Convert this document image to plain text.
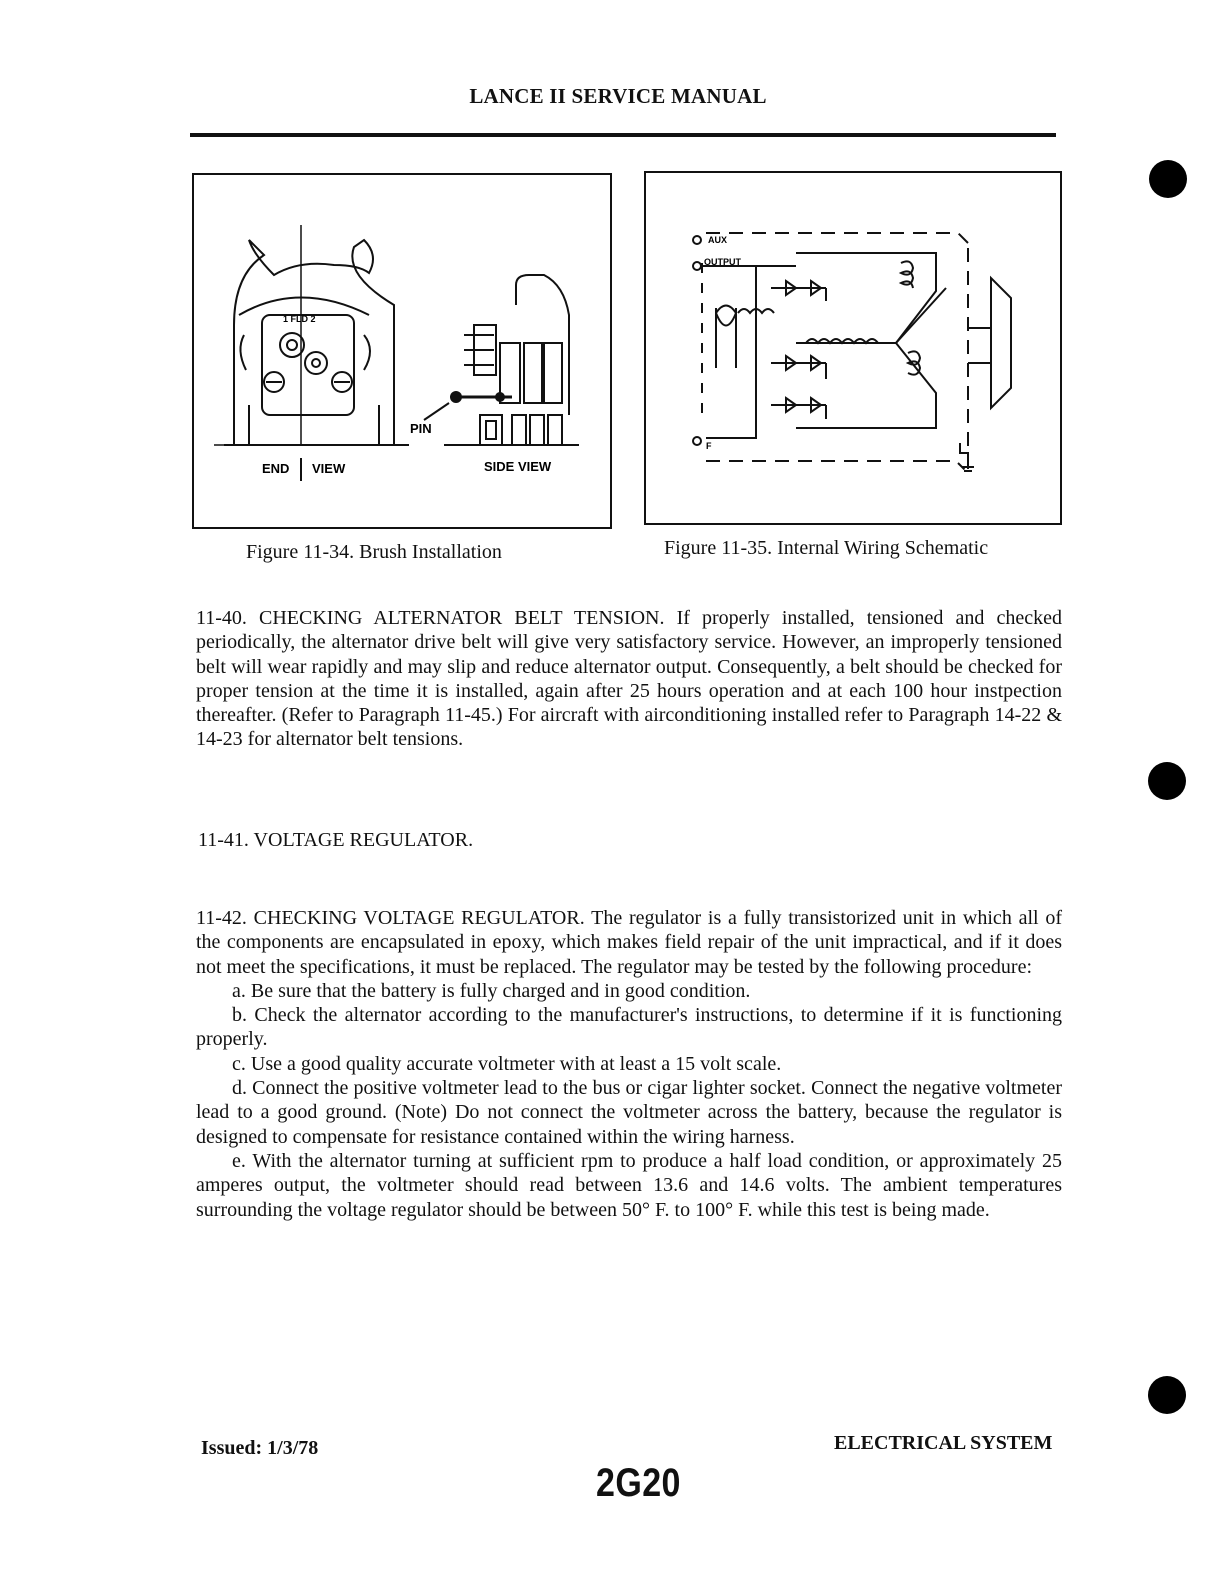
LANCE II SERVICE MANUAL
1 FLD 2
PIN
END VIEW	SIDE VIEW
AUX
OUTPUT
F
Figure 11-34. Brush Installation	Figure 11-35. Internal Wiring Schematic
11-40. CHECKING ALTERNATOR BELT TENSION. If properly installed, tensioned and checked periodically, the alternator drive belt will give very satisfactory service. However, an improperly tensioned belt will wear rapidly and may slip and reduce alternator output. Consequently, a belt should be checked for proper tension at the time it is installed, again after 25 hours operation and at each 100 hour instpection thereafter. (Refer to Paragraph 11-45.) For aircraft with airconditioning installed refer to Paragraph 14-22 & 14-23 for alternator belt tensions.
11-41. VOLTAGE REGULATOR.
11-42. CHECKING VOLTAGE REGULATOR. The regulator is a fully transistorized unit in which all of the components are encapsulated in epoxy, which makes field repair of the unit impractical, and if it does not meet the specifications, it must be replaced. The regulator may be tested by the following procedure:
a. Be sure that the battery is fully charged and in good condition.
b. Check the alternator according to the manufacturer's instructions, to determine if it is functioning properly.
c. Use a good quality accurate voltmeter with at least a 15 volt scale.
d. Connect the positive voltmeter lead to the bus or cigar lighter socket. Connect the negative voltmeter lead to a good ground. (Note) Do not connect the voltmeter across the battery, because the regulator is designed to compensate for resistance contained within the wiring harness.
e. With the alternator turning at sufficient rpm to produce a half load condition, or approximately 25 amperes output, the voltmeter should read between 13.6 and 14.6 volts. The ambient temperatures surrounding the voltage regulator should be between 50° F. to 100° F. while this test is being made.
Issued: 1/3/78	ELECTRICAL SYSTEM
2G20
